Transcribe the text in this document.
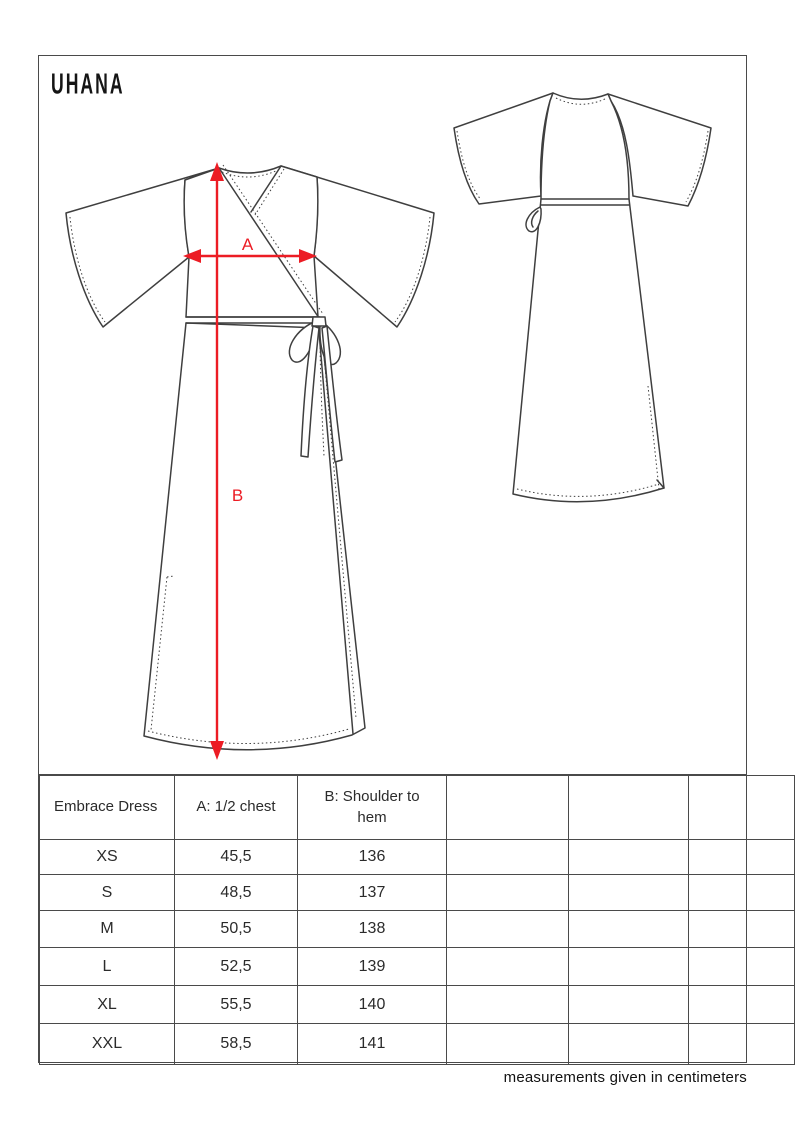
UHANA
A
B
Embrace Dress	A: 1/2 chest	B: Shoulder to hem			
XS	45,5	136			
S	48,5	137			
M	50,5	138			
L	52,5	139			
XL	55,5	140			
XXL	58,5	141			
measurements given in centimeters
